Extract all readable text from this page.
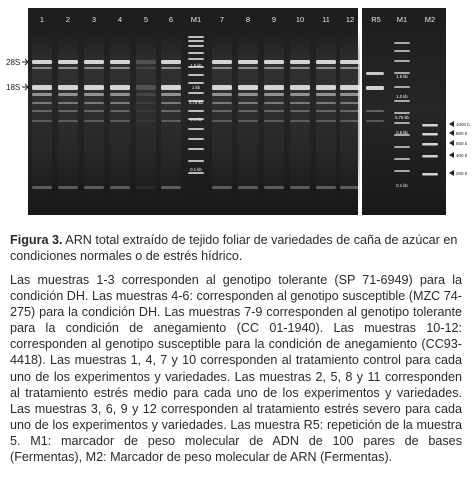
1	2	3	4	5	6 M1 7	8	9	10 11 12
1.5 kb
1 kb
0.75 kb
0.5 kb
0.1 kb
R5 M1 M2
1.5 kb
1.0 kb
0.75 kb
0.5 kb
0.1 kb
28S
18S
1000 b
800 b
600 b
400 b
200 b
Figura 3. ARN total extraído de tejido foliar de variedades de caña de azúcar en condiciones normales o de estrés hídrico.

Las muestras 1-3 corresponden al genotipo tolerante (SP 71-6949) para la condición DH. Las muestras 4-6: corresponden al genotipo susceptible (MZC 74-275) para la condición DH. Las muestras 7-9 corresponden al genotipo tolerante para la condición de anegamiento (CC 01-1940). Las muestras 10-12: corresponden al genotipo susceptible para la condición de anegamiento (CC93-4418). Las muestras 1, 4, 7 y 10 corresponden al tratamiento control para cada uno de los experimentos y variedades. Las muestras 2, 5, 8 y 11 corresponden al tratamiento estrés medio para cada uno de los experimentos y variedades. Las muestras 3, 6, 9 y 12 corresponden al tratamiento estrés severo para cada uno de los experimentos y variedades. Las muestra R5: repetición de la muestra 5. M1: marcador de peso molecular de ADN de 100 pares de bases (Fermentas), M2: Marcador de peso molecular de ARN (Fermentas).
